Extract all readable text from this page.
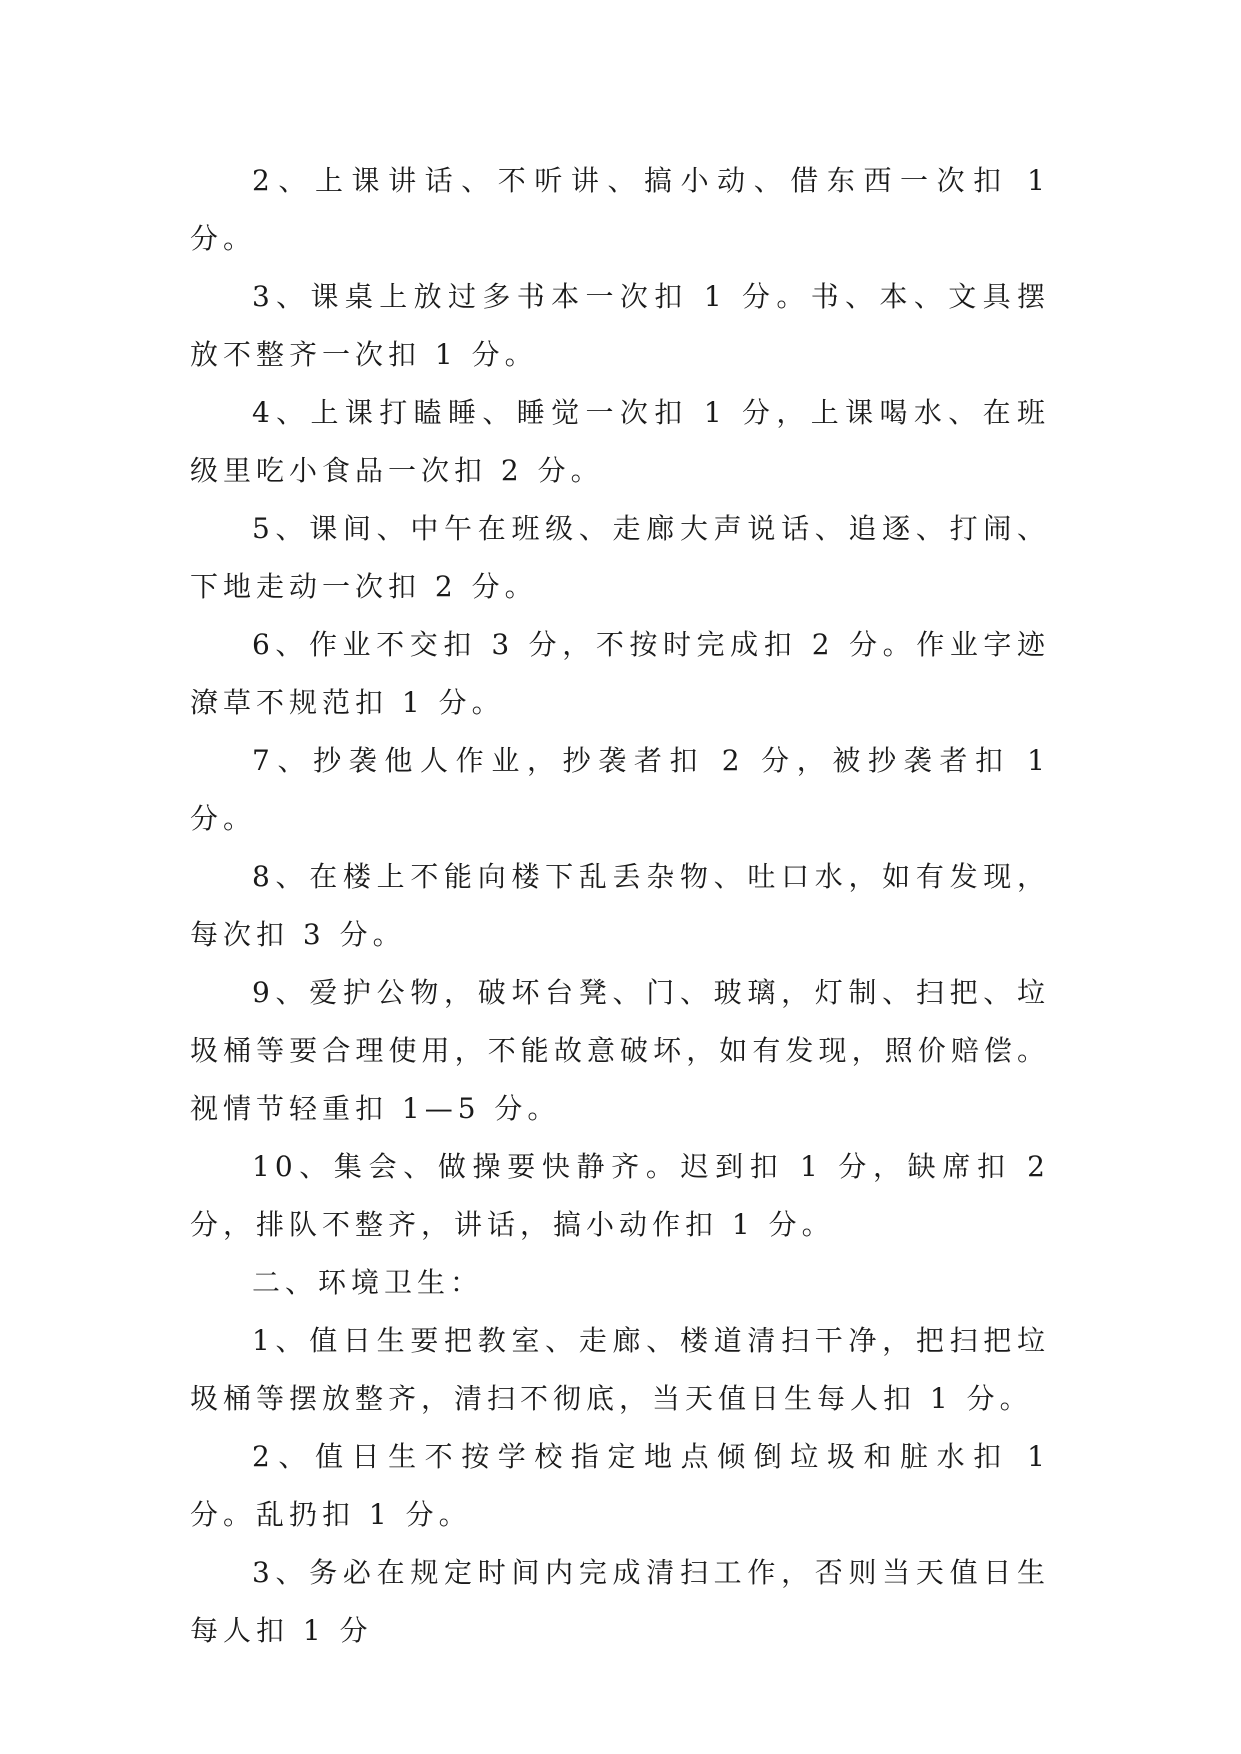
2、上课讲话、不听讲、搞小动、借东西一次扣 1 分。

3、课桌上放过多书本一次扣 1 分。书、本、文具摆放不整齐一次扣 1 分。

4、上课打瞌睡、睡觉一次扣 1 分，上课喝水、在班级里吃小食品一次扣 2 分。

5、课间、中午在班级、走廊大声说话、追逐、打闹、下地走动一次扣 2 分。

6、作业不交扣 3 分，不按时完成扣 2 分。作业字迹潦草不规范扣 1 分。

7、抄袭他人作业，抄袭者扣 2 分，被抄袭者扣 1 分。

8、在楼上不能向楼下乱丢杂物、吐口水，如有发现，每次扣 3 分。

9、爱护公物，破坏台凳、门、玻璃，灯制、扫把、垃圾桶等要合理使用，不能故意破坏，如有发现，照价赔偿。视情节轻重扣 1—5 分。

10、集会、做操要快静齐。迟到扣 1 分，缺席扣 2 分，排队不整齐，讲话，搞小动作扣 1 分。

二、环境卫生：

1、值日生要把教室、走廊、楼道清扫干净，把扫把垃圾桶等摆放整齐，清扫不彻底，当天值日生每人扣 1 分。

2、值日生不按学校指定地点倾倒垃圾和脏水扣 1 分。乱扔扣 1 分。

3、务必在规定时间内完成清扫工作，否则当天值日生每人扣 1 分
